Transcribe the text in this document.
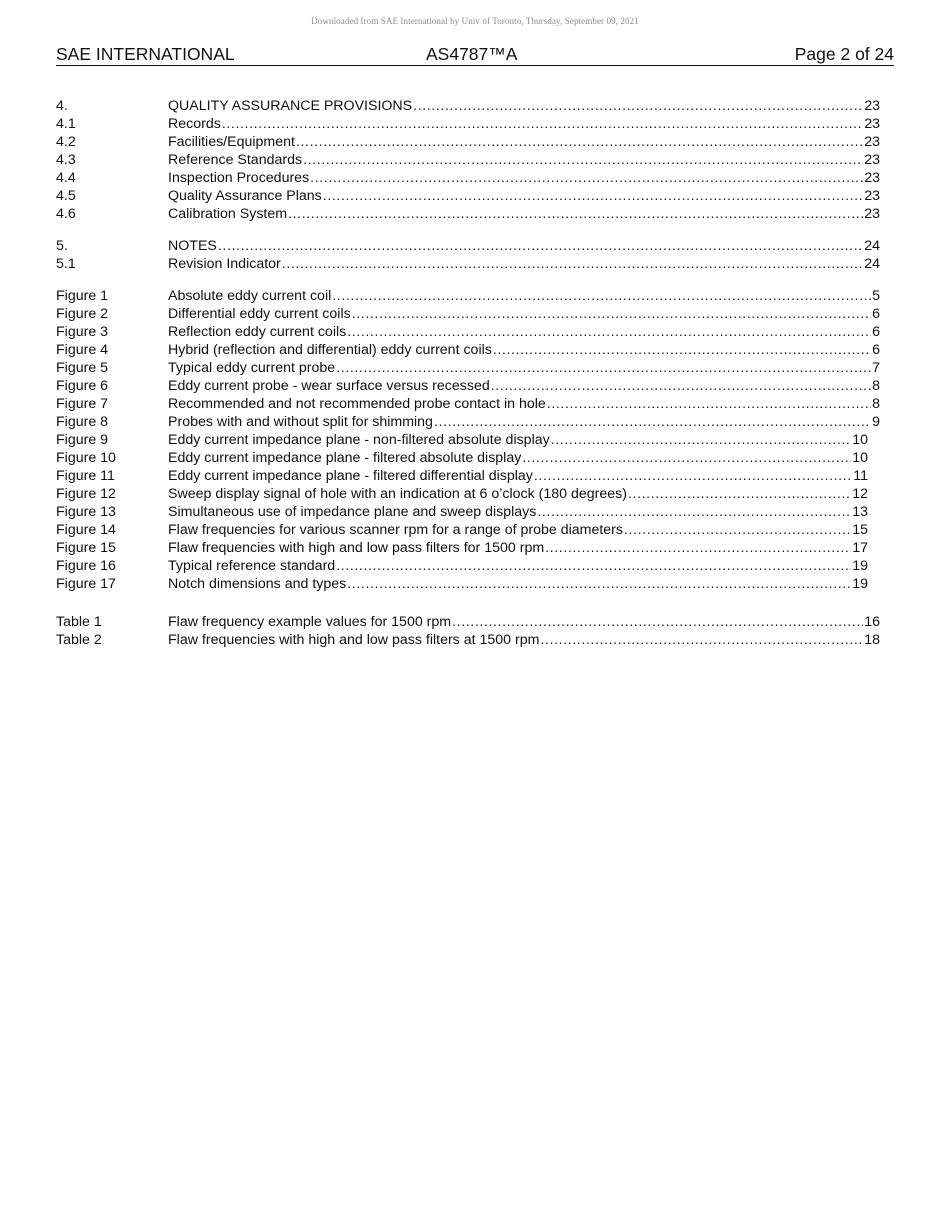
Downloaded from SAE International by Univ of Toronto, Thursday, September 09, 2021
SAE INTERNATIONAL	AS4787™A	Page 2 of 24
4.	QUALITY ASSURANCE PROVISIONS .....	23
4.1	Records .....	23
4.2	Facilities/Equipment .....	23
4.3	Reference Standards .....	23
4.4	Inspection Procedures .....	23
4.5	Quality Assurance Plans .....	23
4.6	Calibration System .....	23
5.	NOTES .....	24
5.1	Revision Indicator .....	24
Figure 1	Absolute eddy current coil .....	5
Figure 2	Differential eddy current coils .....	6
Figure 3	Reflection eddy current coils .....	6
Figure 4	Hybrid (reflection and differential) eddy current coils .....	6
Figure 5	Typical eddy current probe .....	7
Figure 6	Eddy current probe - wear surface versus recessed .....	8
Figure 7	Recommended and not recommended probe contact in hole .....	8
Figure 8	Probes with and without split for shimming .....	9
Figure 9	Eddy current impedance plane - non-filtered absolute display .....	10
Figure 10	Eddy current impedance plane - filtered absolute display .....	10
Figure 11	Eddy current impedance plane - filtered differential display .....	11
Figure 12	Sweep display signal of hole with an indication at 6 o’clock (180 degrees) .....	12
Figure 13	Simultaneous use of impedance plane and sweep displays .....	13
Figure 14	Flaw frequencies for various scanner rpm for a range of probe diameters .....	15
Figure 15	Flaw frequencies with high and low pass filters for 1500 rpm .....	17
Figure 16	Typical reference standard .....	19
Figure 17	Notch dimensions and types .....	19
Table 1	Flaw frequency example values for 1500 rpm .....	16
Table 2	Flaw frequencies with high and low pass filters at 1500 rpm .....	18
